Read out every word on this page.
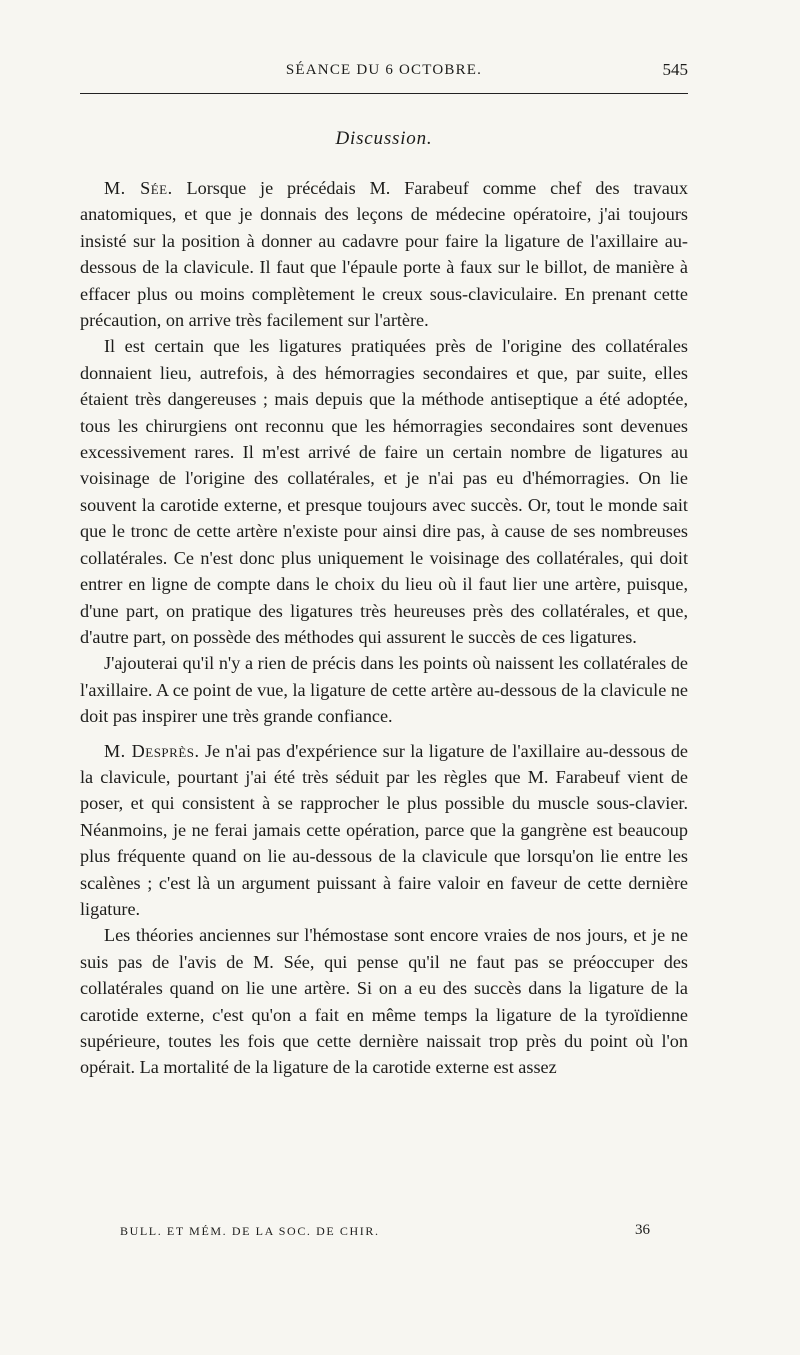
SÉANCE DU 6 OCTOBRE.	545
Discussion.

M. Sée. Lorsque je précédais M. Farabeuf comme chef des travaux anatomiques, et que je donnais des leçons de médecine opératoire, j'ai toujours insisté sur la position à donner au cadavre pour faire la ligature de l'axillaire au-dessous de la clavicule. Il faut que l'épaule porte à faux sur le billot, de manière à effacer plus ou moins complètement le creux sous-claviculaire. En prenant cette précaution, on arrive très facilement sur l'artère.

Il est certain que les ligatures pratiquées près de l'origine des collatérales donnaient lieu, autrefois, à des hémorragies secondaires et que, par suite, elles étaient très dangereuses ; mais depuis que la méthode antiseptique a été adoptée, tous les chirurgiens ont reconnu que les hémorragies secondaires sont devenues excessivement rares. Il m'est arrivé de faire un certain nombre de ligatures au voisinage de l'origine des collatérales, et je n'ai pas eu d'hémorragies. On lie souvent la carotide externe, et presque toujours avec succès. Or, tout le monde sait que le tronc de cette artère n'existe pour ainsi dire pas, à cause de ses nombreuses collatérales. Ce n'est donc plus uniquement le voisinage des collatérales, qui doit entrer en ligne de compte dans le choix du lieu où il faut lier une artère, puisque, d'une part, on pratique des ligatures très heureuses près des collatérales, et que, d'autre part, on possède des méthodes qui assurent le succès de ces ligatures.

J'ajouterai qu'il n'y a rien de précis dans les points où naissent les collatérales de l'axillaire. A ce point de vue, la ligature de cette artère au-dessous de la clavicule ne doit pas inspirer une très grande confiance.

M. Desprès. Je n'ai pas d'expérience sur la ligature de l'axillaire au-dessous de la clavicule, pourtant j'ai été très séduit par les règles que M. Farabeuf vient de poser, et qui consistent à se rapprocher le plus possible du muscle sous-clavier. Néanmoins, je ne ferai jamais cette opération, parce que la gangrène est beaucoup plus fréquente quand on lie au-dessous de la clavicule que lorsqu'on lie entre les scalènes ; c'est là un argument puissant à faire valoir en faveur de cette dernière ligature.

Les théories anciennes sur l'hémostase sont encore vraies de nos jours, et je ne suis pas de l'avis de M. Sée, qui pense qu'il ne faut pas se préoccuper des collatérales quand on lie une artère. Si on a eu des succès dans la ligature de la carotide externe, c'est qu'on a fait en même temps la ligature de la tyroïdienne supérieure, toutes les fois que cette dernière naissait trop près du point où l'on opérait. La mortalité de la ligature de la carotide externe est assez

BULL. ET MÉM. DE LA SOC. DE CHIR.	36
